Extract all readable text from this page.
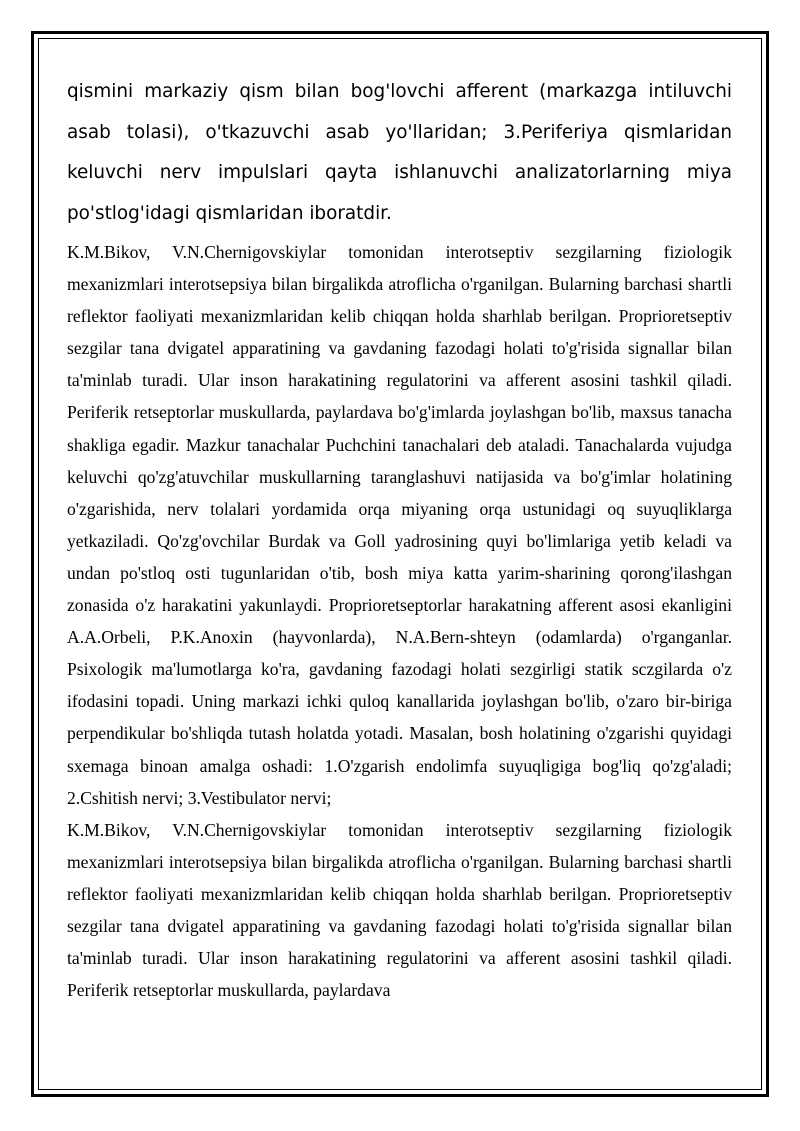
qismini markaziy qism bilan bog'lovchi afferent (markazga intiluvchi asab tolasi), o'tkazuvchi asab yo'llaridan; 3.Periferiya qismlaridan keluvchi nerv impulslari qayta ishlanuvchi analizatorlarning miya po'stlog'idagi qismlaridan iboratdir.

K.M.Bikov, V.N.Chernigovskiylar tomonidan interotseptiv sezgilarning fiziologik mexanizmlari interotsepsiya bilan birgalikda atroflicha o'rganilgan. Bularning barchasi shartli reflektor faoliyati mexanizmlaridan kelib chiqqan holda sharhlab berilgan. Proprioretseptiv sezgilar tana dvigatel apparatining va gavdaning fazodagi holati to'g'risida signallar bilan ta'minlab turadi. Ular inson harakatining regulatorini va afferent asosini tashkil qiladi. Periferik retseptorlar muskullarda, paylardava bo'g'imlarda joylashgan bo'lib, maxsus tanacha shakliga egadir. Mazkur tanachalar Puchchini tanachalari deb ataladi. Tanachalarda vujudga keluvchi qo'zg'atuvchilar muskullarning taranglashuvi natijasida va bo'g'imlar holatining o'zgarishida, nerv tolalari yordamida orqa miyaning orqa ustunidagi oq suyuqliklarga yetkaziladi. Qo'zg'ovchilar Burdak va Goll yadrosining quyi bo'limlariga yetib keladi va undan po'stloq osti tugunlaridan o'tib, bosh miya katta yarim-sharining qorong'ilashgan zonasida o'z harakatini yakunlaydi. Proprioretseptorlar harakatning afferent asosi ekanligini A.A.Orbeli, P.K.Anoxin (hayvonlarda), N.A.Bern-shteyn (odamlarda) o'rganganlar. Psixologik ma'lumotlarga ko'ra, gavdaning fazodagi holati sezgirligi statik sczgilarda o'z ifodasini topadi. Uning markazi ichki quloq kanallarida joylashgan bo'lib, o'zaro bir-biriga perpendikular bo'shliqda tutash holatda yotadi. Masalan, bosh holatining o'zgarishi quyidagi sxemaga binoan amalga oshadi: 1.O'zgarish endolimfa suyuqligiga bog'liq qo'zg'aladi; 2.Cshitish nervi; 3.Vestibulator nervi;

K.M.Bikov, V.N.Chernigovskiylar tomonidan interotseptiv sezgilarning fiziologik mexanizmlari interotsepsiya bilan birgalikda atroflicha o'rganilgan. Bularning barchasi shartli reflektor faoliyati mexanizmlaridan kelib chiqqan holda sharhlab berilgan. Proprioretseptiv sezgilar tana dvigatel apparatining va gavdaning fazodagi holati to'g'risida signallar bilan ta'minlab turadi. Ular inson harakatining regulatorini va afferent asosini tashkil qiladi. Periferik retseptorlar muskullarda, paylardava
